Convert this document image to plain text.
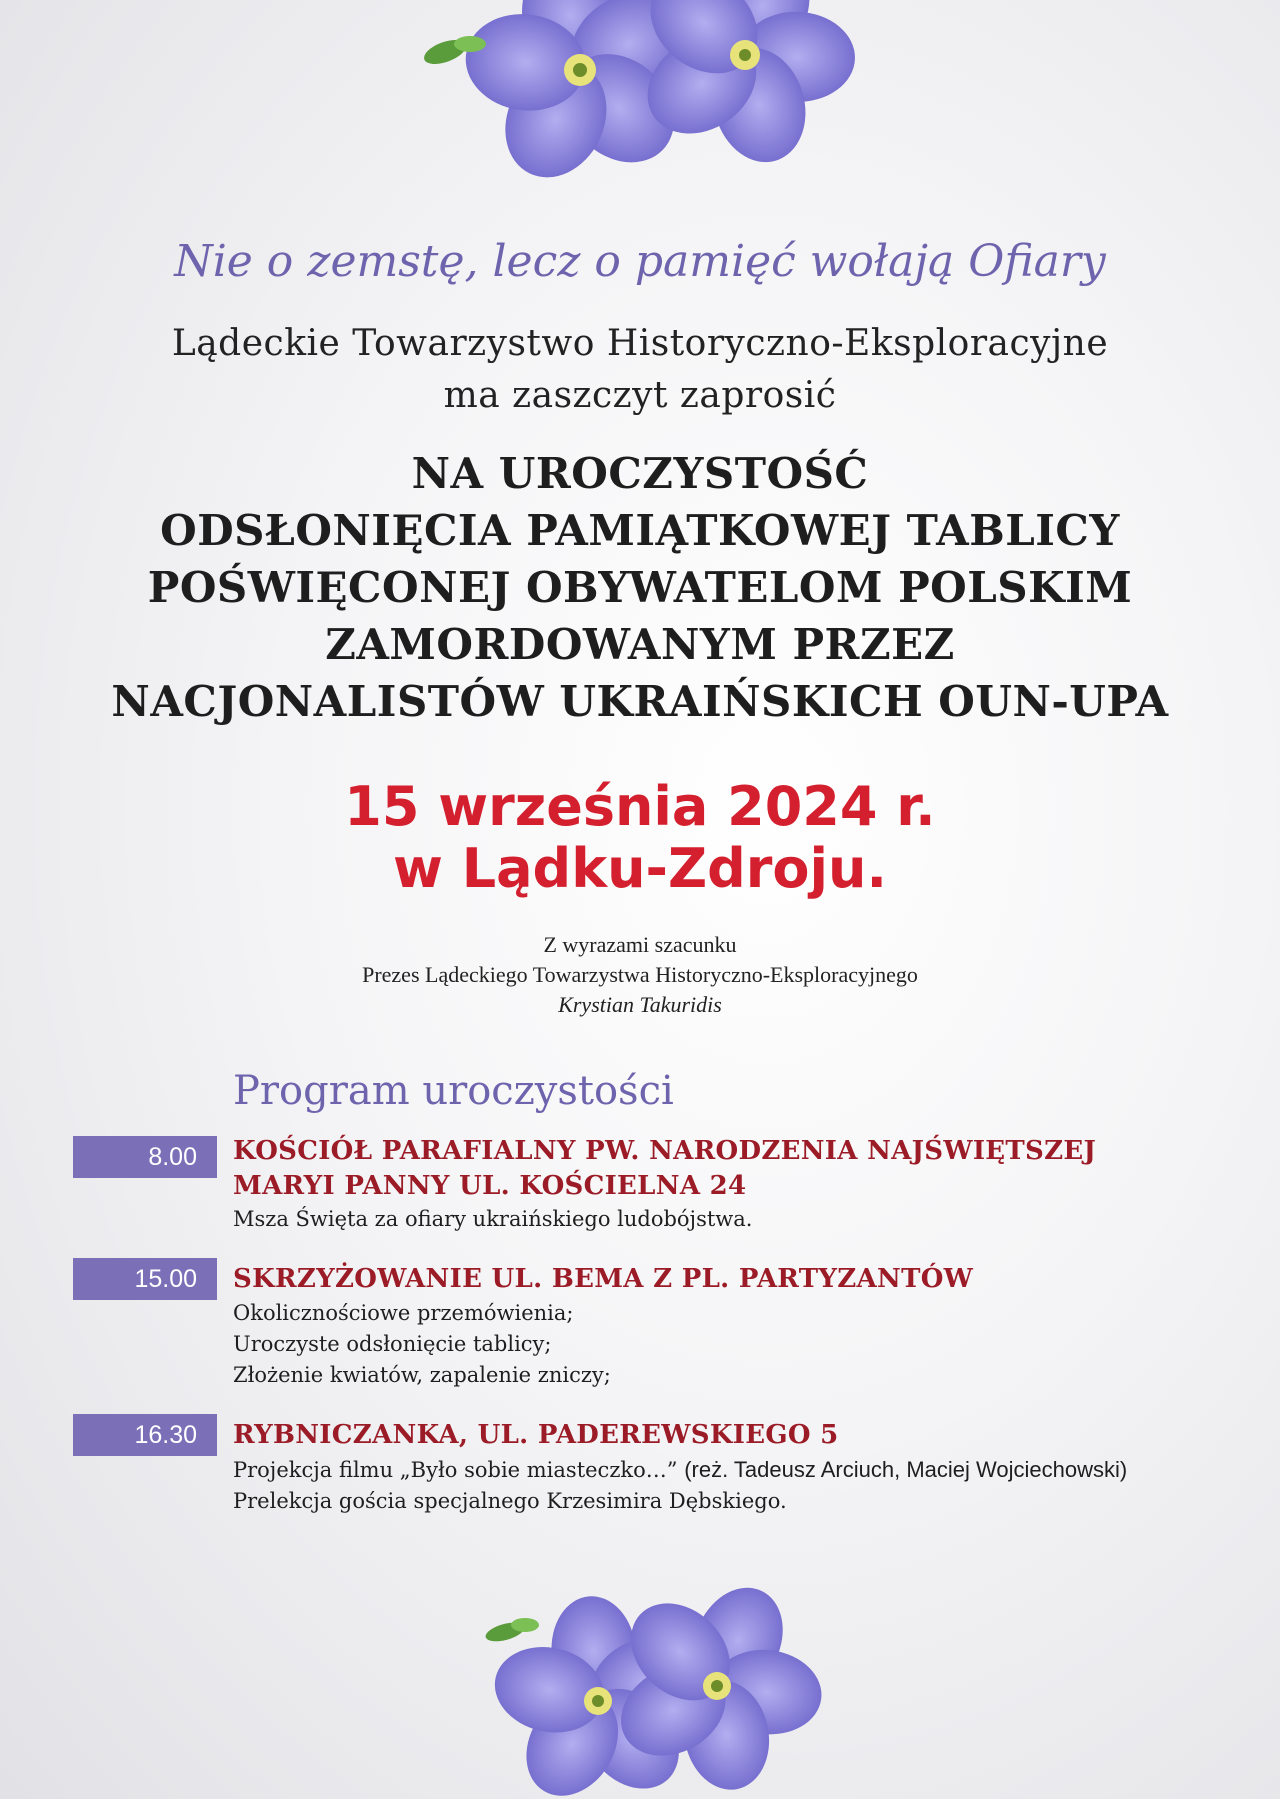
Nie o zemstę, lecz o pamięć wołają Ofiary
Lądeckie Towarzystwo Historyczno-Eksploracyjne
ma zaszczyt zaprosić
NA UROCZYSTOŚĆ
ODSŁONIĘCIA PAMIĄTKOWEJ TABLICY
POŚWIĘCONEJ OBYWATELOM POLSKIM
ZAMORDOWANYM PRZEZ
NACJONALISTÓW UKRAIŃSKICH OUN-UPA
15 września 2024 r.
w Lądku-Zdroju.
Z wyrazami szacunku
Prezes Lądeckiego Towarzystwa Historyczno-Eksploracyjnego
Krystian Takuridis
Program uroczystości
8.00	KOŚCIÓŁ PARAFIALNY PW. NARODZENIA NAJŚWIĘTSZEJ
MARYI PANNY UL. KOŚCIELNA 24
Msza Święta za ofiary ukraińskiego ludobójstwa.
15.00	SKRZYŻOWANIE UL. BEMA Z PL. PARTYZANTÓW
Okolicznościowe przemówienia;
Uroczyste odsłonięcie tablicy;
Złożenie kwiatów, zapalenie zniczy;
16.30	RYBNICZANKA, UL. PADEREWSKIEGO 5
Projekcja filmu „Było sobie miasteczko…” (reż. Tadeusz Arciuch, Maciej Wojciechowski)
Prelekcja gościa specjalnego Krzesimira Dębskiego.
